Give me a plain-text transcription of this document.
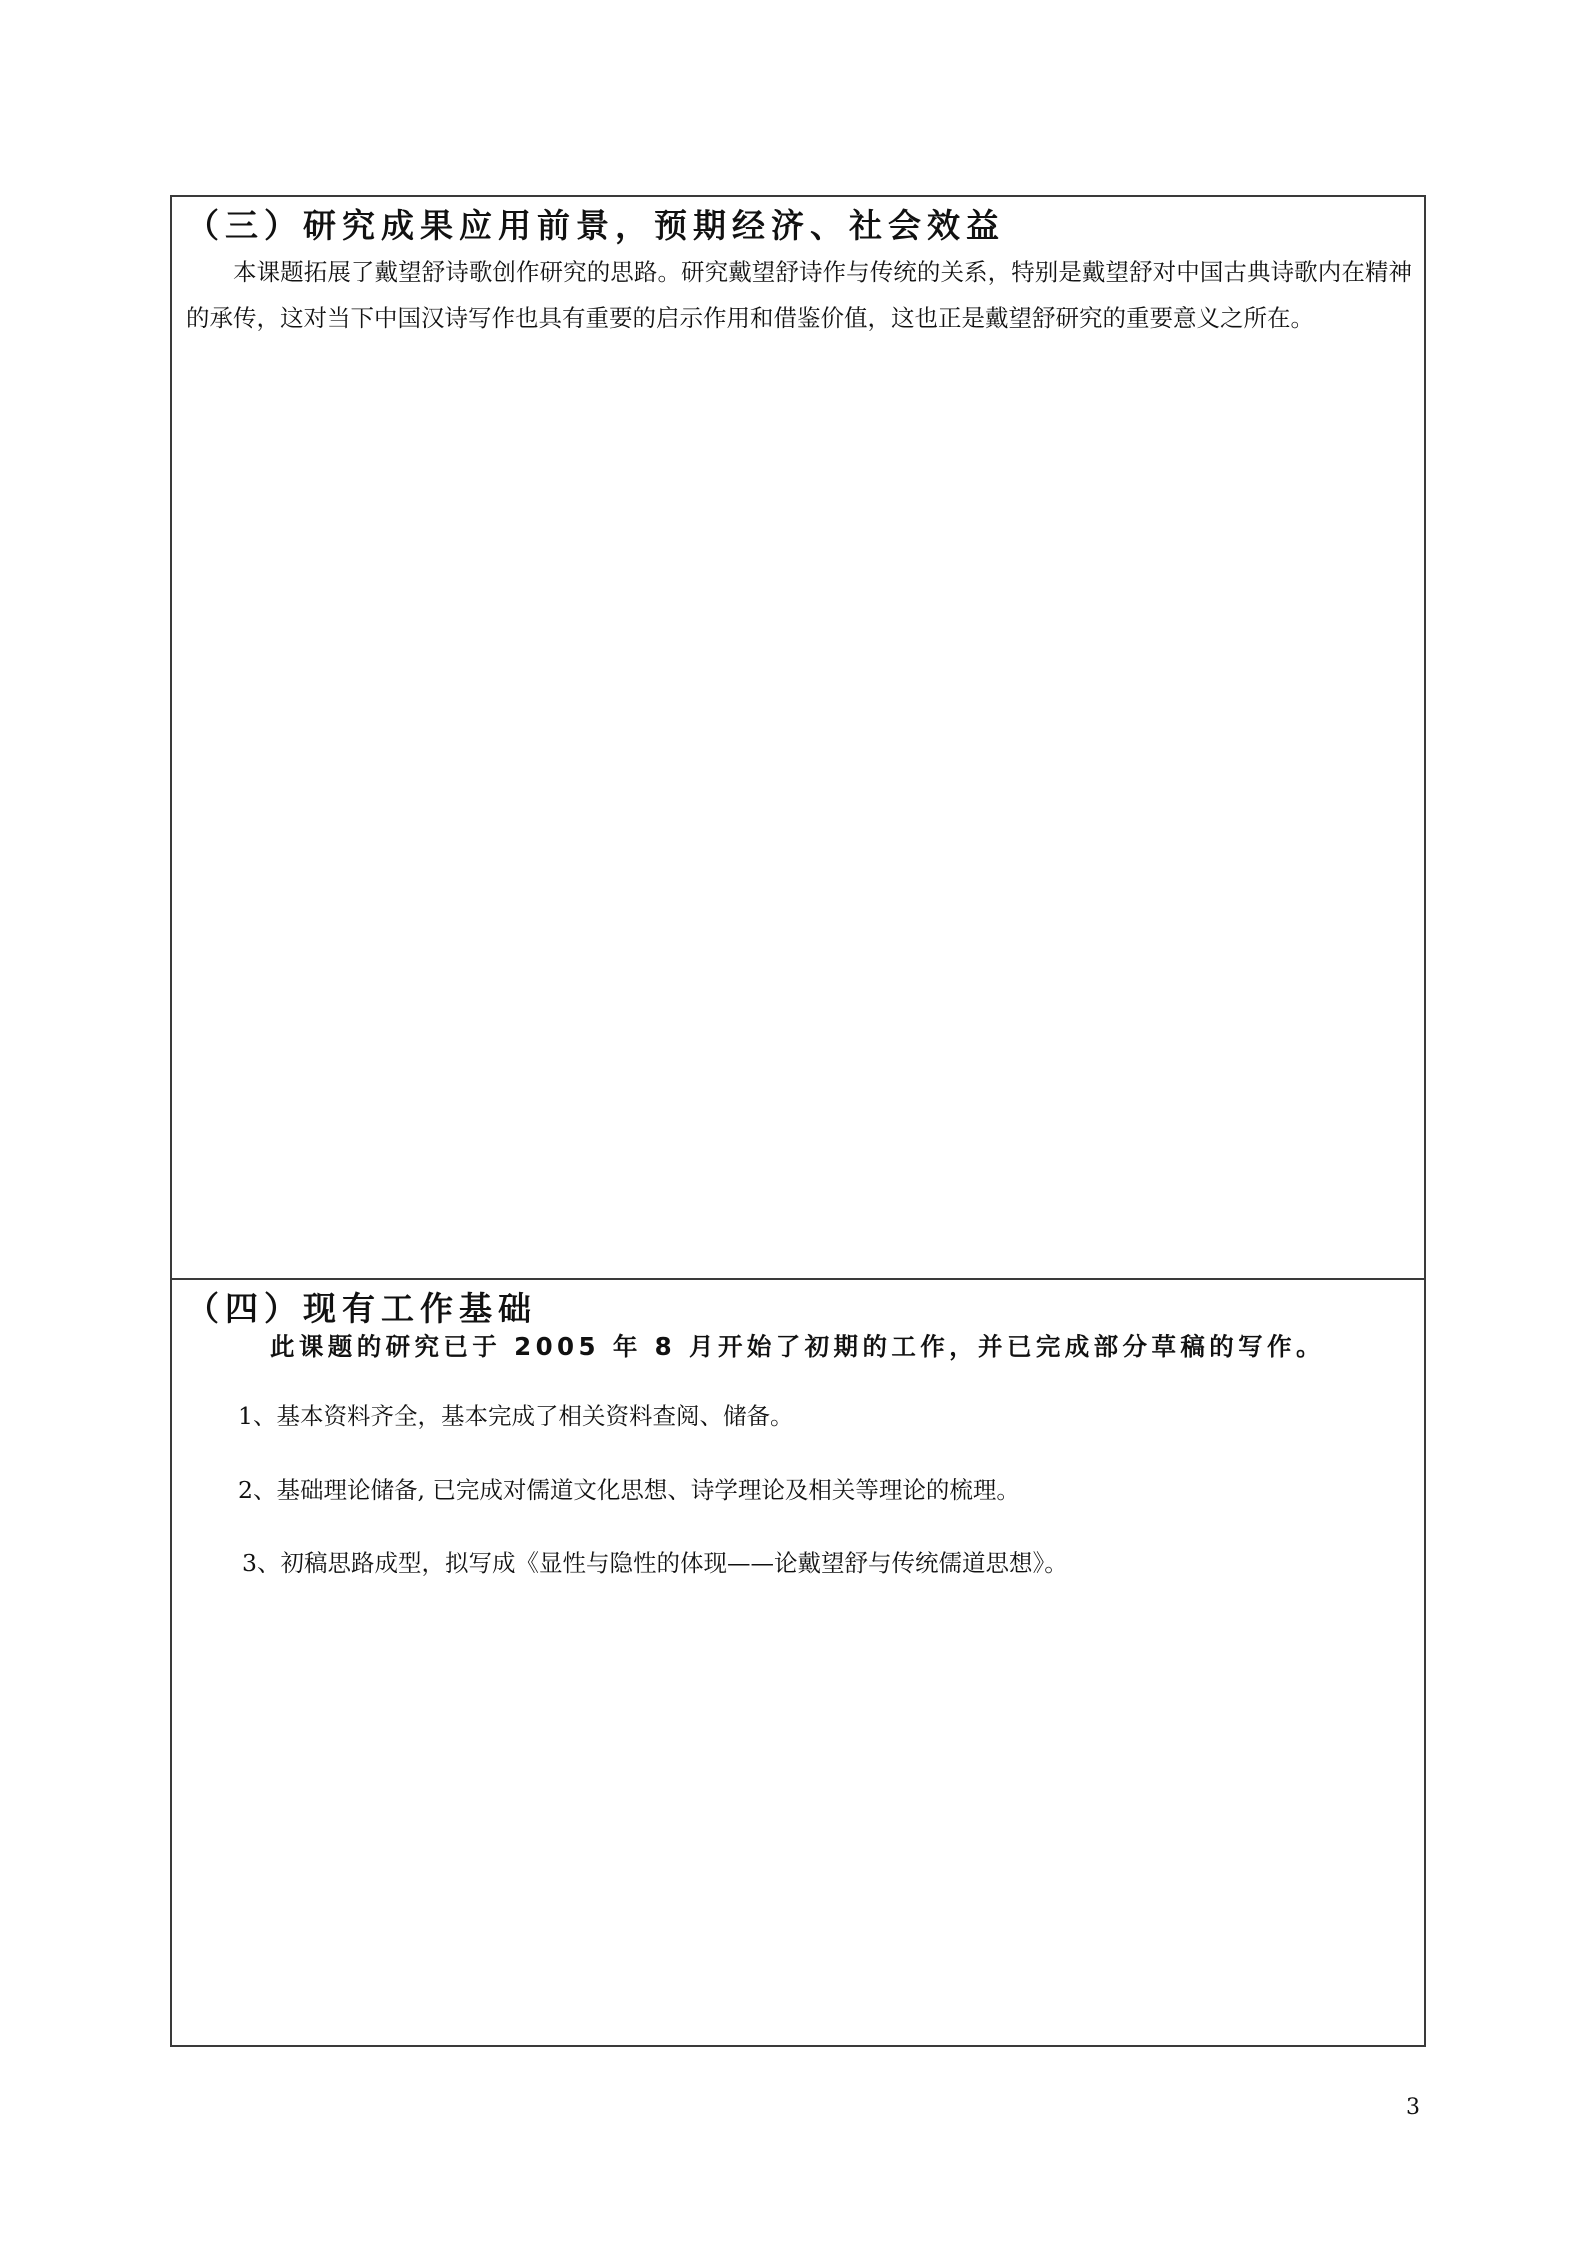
（三）研究成果应用前景，预期经济、社会效益
本课题拓展了戴望舒诗歌创作研究的思路。研究戴望舒诗作与传统的关系，特别是戴望舒对中国古典诗歌内在精神的承传，这对当下中国汉诗写作也具有重要的启示作用和借鉴价值，这也正是戴望舒研究的重要意义之所在。
（四）现有工作基础
此课题的研究已于 2005 年 8 月开始了初期的工作，并已完成部分草稿的写作。
1、基本资料齐全，基本完成了相关资料查阅、储备。
2、基础理论储备, 已完成对儒道文化思想、诗学理论及相关等理论的梳理。
3、初稿思路成型，拟写成《显性与隐性的体现——论戴望舒与传统儒道思想》。
3
